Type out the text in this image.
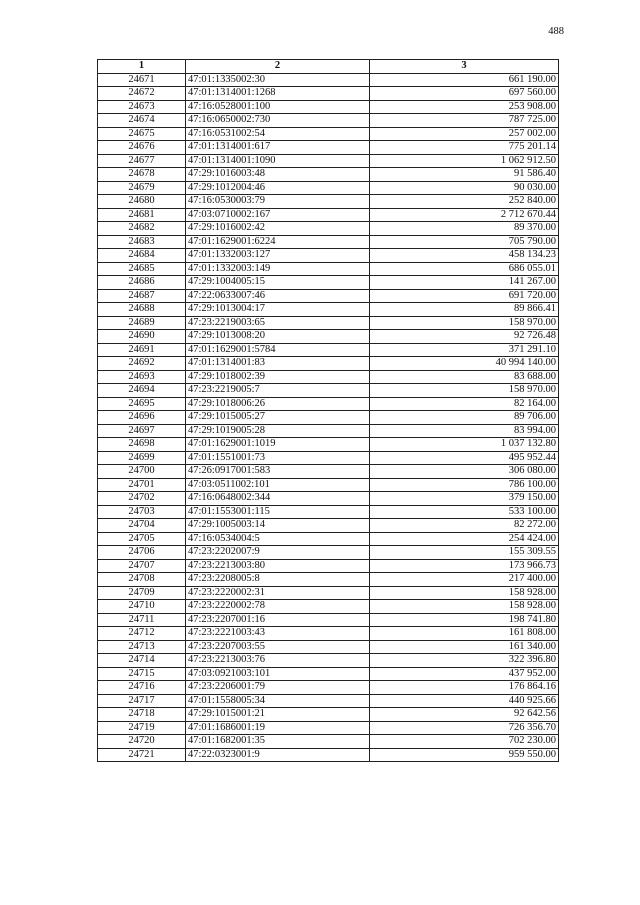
488
1	2	3
24671	47:01:1335002:30	661 190.00
24672	47:01:1314001:1268	697 560.00
24673	47:16:0528001:100	253 908.00
24674	47:16:0650002:730	787 725.00
24675	47:16:0531002:54	257 002.00
24676	47:01:1314001:617	775 201.14
24677	47:01:1314001:1090	1 062 912.50
24678	47:29:1016003:48	91 586.40
24679	47:29:1012004:46	90 030.00
24680	47:16:0530003:79	252 840.00
24681	47:03:0710002:167	2 712 670.44
24682	47:29:1016002:42	89 370.00
24683	47:01:1629001:6224	705 790.00
24684	47:01:1332003:127	458 134.23
24685	47:01:1332003:149	686 055.01
24686	47:29:1004005:15	141 267.00
24687	47:22:0633007:46	691 720.00
24688	47:29:1013004:17	89 866.41
24689	47:23:2219003:65	158 970.00
24690	47:29:1013008:20	92 726.48
24691	47:01:1629001:5784	371 291.10
24692	47:01:1314001:83	40 994 140.00
24693	47:29:1018002:39	83 688.00
24694	47:23:2219005:7	158 970.00
24695	47:29:1018006:26	82 164.00
24696	47:29:1015005:27	89 706.00
24697	47:29:1019005:28	83 994.00
24698	47:01:1629001:1019	1 037 132.80
24699	47:01:1551001:73	495 952.44
24700	47:26:0917001:583	306 080.00
24701	47:03:0511002:101	786 100.00
24702	47:16:0648002:344	379 150.00
24703	47:01:1553001:115	533 100.00
24704	47:29:1005003:14	82 272.00
24705	47:16:0534004:5	254 424.00
24706	47:23:2202007:9	155 309.55
24707	47:23:2213003:80	173 966.73
24708	47:23:2208005:8	217 400.00
24709	47:23:2220002:31	158 928.00
24710	47:23:2220002:78	158 928.00
24711	47:23:2207001:16	198 741.80
24712	47:23:2221003:43	161 808.00
24713	47:23:2207003:55	161 340.00
24714	47:23:2213003:76	322 396.80
24715	47:03:0921003:101	437 952.00
24716	47:23:2206001:79	176 864.16
24717	47:01:1558005:34	440 925.66
24718	47:29:1015001:21	92 642.56
24719	47:01:1686001:19	726 356.70
24720	47:01:1682001:35	702 230.00
24721	47:22:0323001:9	959 550.00
